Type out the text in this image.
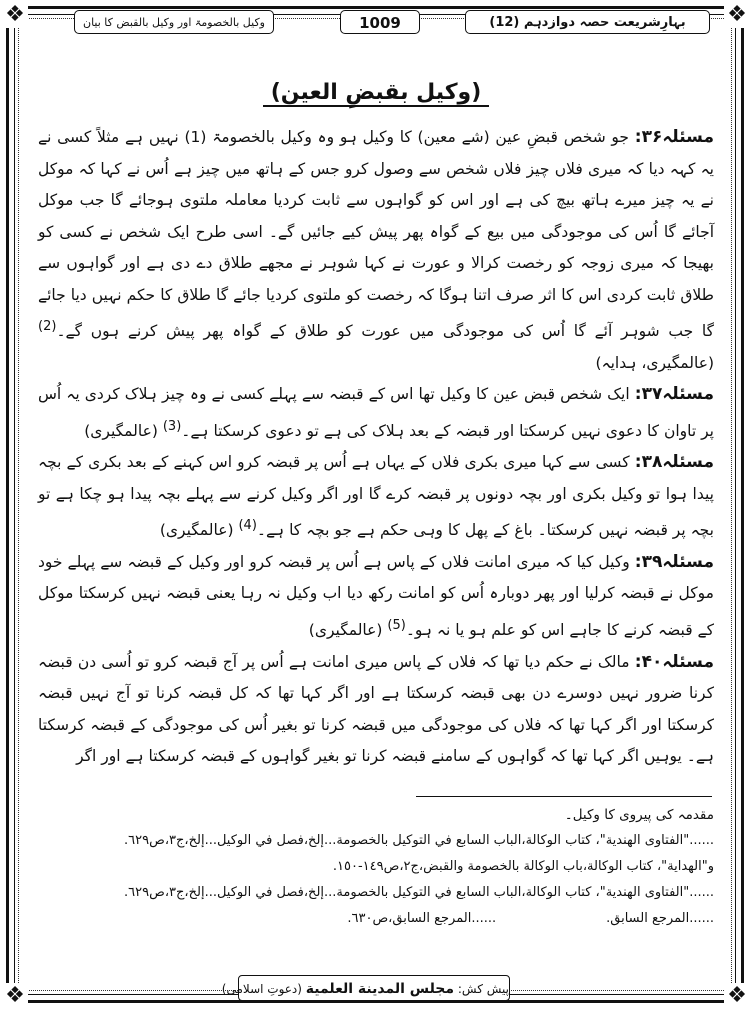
❖	❖
❖	❖
بہارِشریعت حصہ دوازدہم (12)
1009
وکیل بالخصومۃ اور وکیل بالقبض کا بیان
(وکیل بقبضِ العین)

مسئلہ۳۶: جو شخص قبضِ عین (شے معین) کا وکیل ہو وہ وکیل بالخصومۃ (1) نہیں ہے مثلاً کسی نے یہ کہہ دیا کہ میری فلاں چیز فلاں شخص سے وصول کرو جس کے ہاتھ میں چیز ہے اُس نے کہا کہ موکل نے یہ چیز میرے ہاتھ بیچ کی ہے اور اس کو گواہوں سے ثابت کردیا معاملہ ملتوی ہوجائے گا جب موکل آجائے گا اُس کی موجودگی میں بیع کے گواہ پھر پیش کیے جائیں گے۔ اسی طرح ایک شخص نے کسی کو بھیجا کہ میری زوجہ کو رخصت کرالا و عورت نے کہا شوہر نے مجھے طلاق دے دی ہے اور گواہوں سے طلاق ثابت کردی اس کا اثر صرف اتنا ہوگا کہ رخصت کو ملتوی کردیا جائے گا طلاق کا حکم نہیں دیا جائے گا جب شوہر آئے گا اُس کی موجودگی میں عورت کو طلاق کے گواہ پھر پیش کرنے ہوں گے۔$^{(2)}$ (عالمگیری، ہدایہ)

مسئلہ۳۷: ایک شخص قبض عین کا وکیل تھا اس کے قبضہ سے پہلے کسی نے وہ چیز ہلاک کردی یہ اُس پر تاوان کا دعوی نہیں کرسکتا اور قبضہ کے بعد ہلاک کی ہے تو دعوی کرسکتا ہے۔$^{(3)}$ (عالمگیری)

مسئلہ۳۸: کسی سے کہا میری بکری فلاں کے یہاں ہے اُس پر قبضہ کرو اس کہنے کے بعد بکری کے بچہ پیدا ہوا تو وکیل بکری اور بچہ دونوں پر قبضہ کرے گا اور اگر وکیل کرنے سے پہلے بچہ پیدا ہو چکا ہے تو بچہ پر قبضہ نہیں کرسکتا۔ باغ کے پھل کا وہی حکم ہے جو بچہ کا ہے۔$^{(4)}$ (عالمگیری)

مسئلہ۳۹: وکیل کیا کہ میری امانت فلاں کے پاس ہے اُس پر قبضہ کرو اور وکیل کے قبضہ سے پہلے خود موکل نے قبضہ کرلیا اور پھر دوبارہ اُس کو امانت رکھ دیا اب وکیل نہ رہا یعنی قبضہ نہیں کرسکتا موکل کے قبضہ کرنے کا جاہے اس کو علم ہو یا نہ ہو۔$^{(5)}$ (عالمگیری)

مسئلہ۴۰: مالک نے حکم دیا تھا کہ فلاں کے پاس میری امانت ہے اُس پر آج قبضہ کرو تو اُسی دن قبضہ کرنا ضرور نہیں دوسرے دن بھی قبضہ کرسکتا ہے اور اگر کہا تھا کہ کل قبضہ کرنا تو آج نہیں قبضہ کرسکتا اور اگر کہا تھا کہ فلاں کی موجودگی میں قبضہ کرنا تو بغیر اُس کی موجودگی کے قبضہ کرسکتا ہے۔ یوہیں اگر کہا تھا کہ گواہوں کے سامنے قبضہ کرنا تو بغیر گواہوں کے قبضہ کرسکتا ہے اور اگر

مقدمہ کی پیروی کا وکیل۔
......"الفتاوی الهندية"، كتاب الوكالة،الباب السابع في التوكيل بالخصومة...إلخ،فصل في الوكيل...إلخ،ج٣،ص٦٢٩.
و"الهداية"، كتاب الوكالة،باب الوكالة بالخصومة والقبض،ج٢،ص١٤٩-١٥٠.
......"الفتاوی الهندية"، كتاب الوكالة،الباب السابع في التوكيل بالخصومة...إلخ،فصل في الوكيل...إلخ،ج٣،ص٦٢٩.
......المرجع السابق.
......المرجع السابق،ص٦٣٠.
پیش کش: مجلس المدينة العلمية (دعوتِ اسلامی)
